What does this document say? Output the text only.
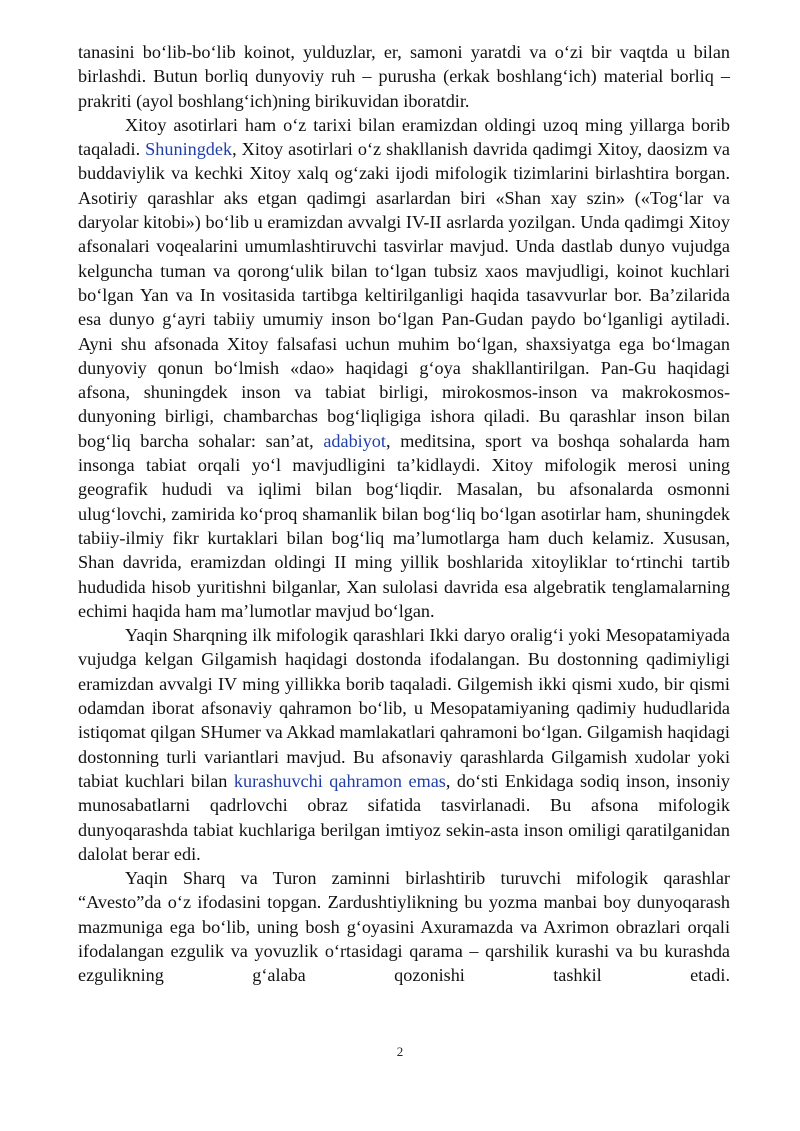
tanasini bo‘lib-bo‘lib koinot, yulduzlar, er, samoni yaratdi va o‘zi bir vaqtda u bilan birlashdi. Butun borliq dunyoviy ruh – purusha (erkak boshlang‘ich) material borliq – prakriti (ayol boshlang‘ich)ning birikuvidan iboratdir.

Xitoy asotirlari ham o‘z tarixi bilan eramizdan oldingi uzoq ming yillarga borib taqaladi. Shuningdek, Xitoy asotirlari o‘z shakllanish davrida qadimgi Xitoy, daosizm va buddaviylik va kechki Xitoy xalq og‘zaki ijodi mifologik tizimlarini birlashtira borgan. Asotiriy qarashlar aks etgan qadimgi asarlardan biri «Shan xay szin» («Tog‘lar va daryolar kitobi») bo‘lib u eramizdan avvalgi IV-II asrlarda yozilgan. Unda qadimgi Xitoy afsonalari voqealarini umumlashtiruvchi tasvirlar mavjud. Unda dastlab dunyo vujudga kelguncha tuman va qorong‘ulik bilan to‘lgan tubsiz xaos mavjudligi, koinot kuchlari bo‘lgan Yan va In vositasida tartibga keltirilganligi haqida tasavvurlar bor. Ba’zilarida esa dunyo g‘ayri tabiiy umumiy inson bo‘lgan Pan-Gudan paydo bo‘lganligi aytiladi. Ayni shu afsonada Xitoy falsafasi uchun muhim bo‘lgan, shaxsiyatga ega bo‘lmagan dunyoviy qonun bo‘lmish «dao» haqidagi g‘oya shakllantirilgan. Pan-Gu haqidagi afsona, shuningdek inson va tabiat birligi, mirokosmos-inson va makrokosmos-dunyoning birligi, chambarchas bog‘liqligiga ishora qiladi. Bu qarashlar inson bilan bog‘liq barcha sohalar: san’at, adabiyot, meditsina, sport va boshqa sohalarda ham insonga tabiat orqali yo‘l mavjudligini ta’kidlaydi. Xitoy mifologik merosi uning geografik hududi va iqlimi bilan bog‘liqdir. Masalan, bu afsonalarda osmonni ulug‘lovchi, zamirida ko‘proq shamanlik bilan bog‘liq bo‘lgan asotirlar ham, shuningdek tabiiy-ilmiy fikr kurtaklari bilan bog‘liq ma’lumotlarga ham duch kelamiz. Xususan, Shan davrida, eramizdan oldingi II ming yillik boshlarida xitoyliklar to‘rtinchi tartib hududida hisob yuritishni bilganlar, Xan sulolasi davrida esa algebratik tenglamalarning echimi haqida ham ma’lumotlar mavjud bo‘lgan.

Yaqin Sharqning ilk mifologik qarashlari Ikki daryo oralig‘i yoki Mesopatamiyada vujudga kelgan Gilgamish haqidagi dostonda ifodalangan. Bu dostonning qadimiyligi eramizdan avvalgi IV ming yillikka borib taqaladi. Gilgemish ikki qismi xudo, bir qismi odamdan iborat afsonaviy qahramon bo‘lib, u Mesopatamiyaning qadimiy hududlarida istiqomat qilgan SHumer va Akkad mamlakatlari qahramoni bo‘lgan. Gilgamish haqidagi dostonning turli variantlari mavjud. Bu afsonaviy qarashlarda Gilgamish xudolar yoki tabiat kuchlari bilan kurashuvchi qahramon emas, do‘sti Enkidaga sodiq inson, insoniy munosabatlarni qadrlovchi obraz sifatida tasvirlanadi. Bu afsona mifologik dunyoqarashda tabiat kuchlariga berilgan imtiyoz sekin-asta inson omiligi qaratilganidan dalolat berar edi.

Yaqin Sharq va Turon zaminni birlashtirib turuvchi mifologik qarashlar “Avesto”da o‘z ifodasini topgan. Zardushtiylikning bu yozma manbai boy dunyoqarash mazmuniga ega bo‘lib, uning bosh g‘oyasini Axuramazda va Axrimon obrazlari orqali ifodalangan ezgulik va yovuzlik o‘rtasidagi qarama – qarshilik kurashi va bu kurashda ezgulikning g‘alaba qozonishi tashkil etadi.

2
